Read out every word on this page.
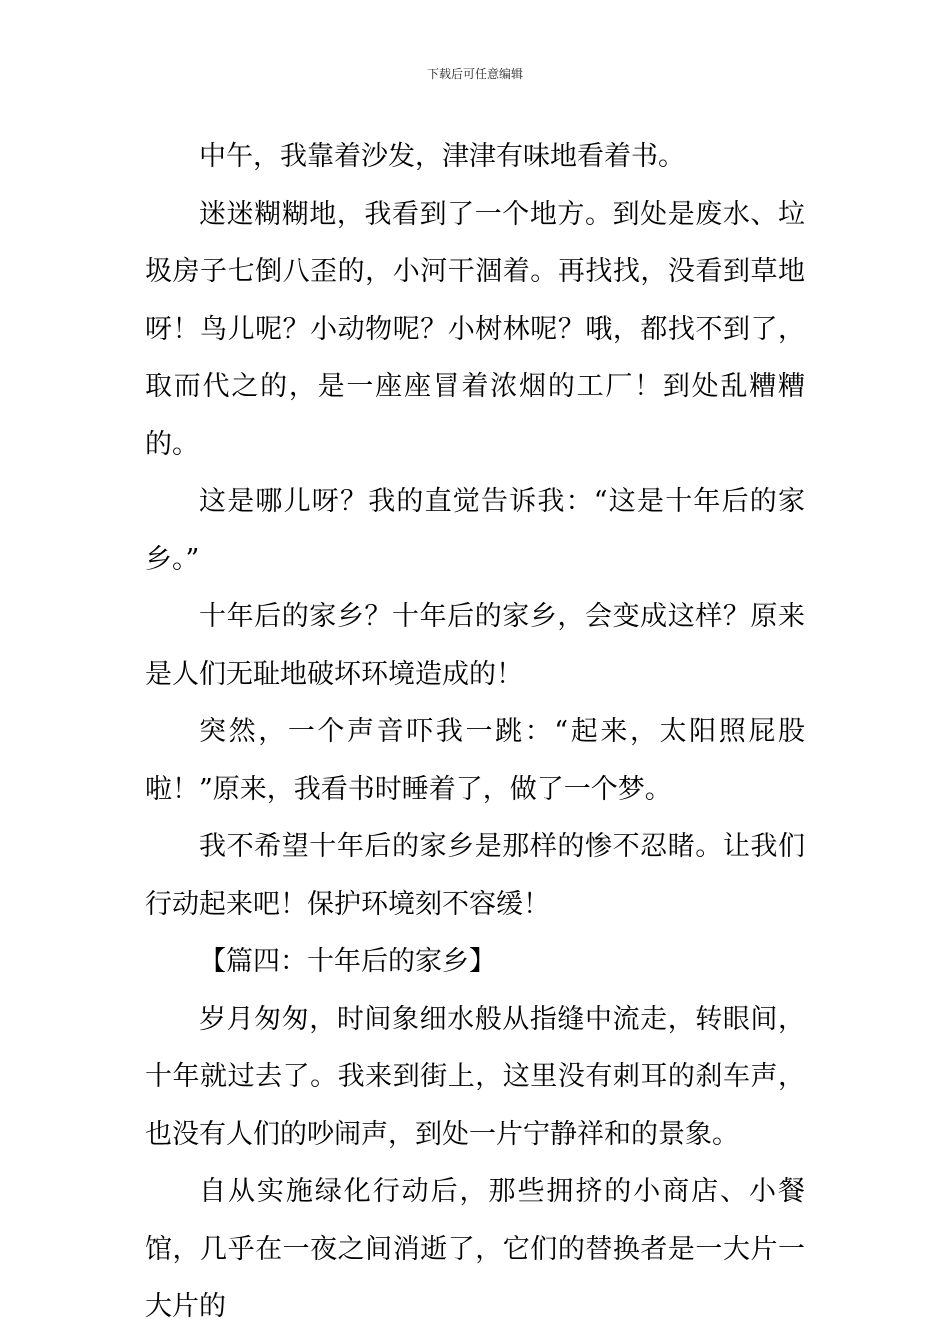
下载后可任意编辑

中午，我靠着沙发，津津有味地看着书。

迷迷糊糊地，我看到了一个地方。到处是废水、垃圾房子七倒八歪的，小河干涸着。再找找，没看到草地呀！鸟儿呢？小动物呢？小树林呢？哦，都找不到了，取而代之的，是一座座冒着浓烟的工厂！到处乱糟糟的。

这是哪儿呀？我的直觉告诉我：“这是十年后的家乡。”

十年后的家乡？十年后的家乡，会变成这样？原来是人们无耻地破坏环境造成的！

突然，一个声音吓我一跳：“起来，太阳照屁股啦！”原来，我看书时睡着了，做了一个梦。

我不希望十年后的家乡是那样的惨不忍睹。让我们行动起来吧！保护环境刻不容缓！

【篇四：十年后的家乡】

岁月匆匆，时间象细水般从指缝中流走，转眼间，十年就过去了。我来到街上，这里没有刺耳的刹车声，也没有人们的吵闹声，到处一片宁静祥和的景象。

自从实施绿化行动后，那些拥挤的小商店、小餐馆，几乎在一夜之间消逝了，它们的替换者是一大片一大片的
